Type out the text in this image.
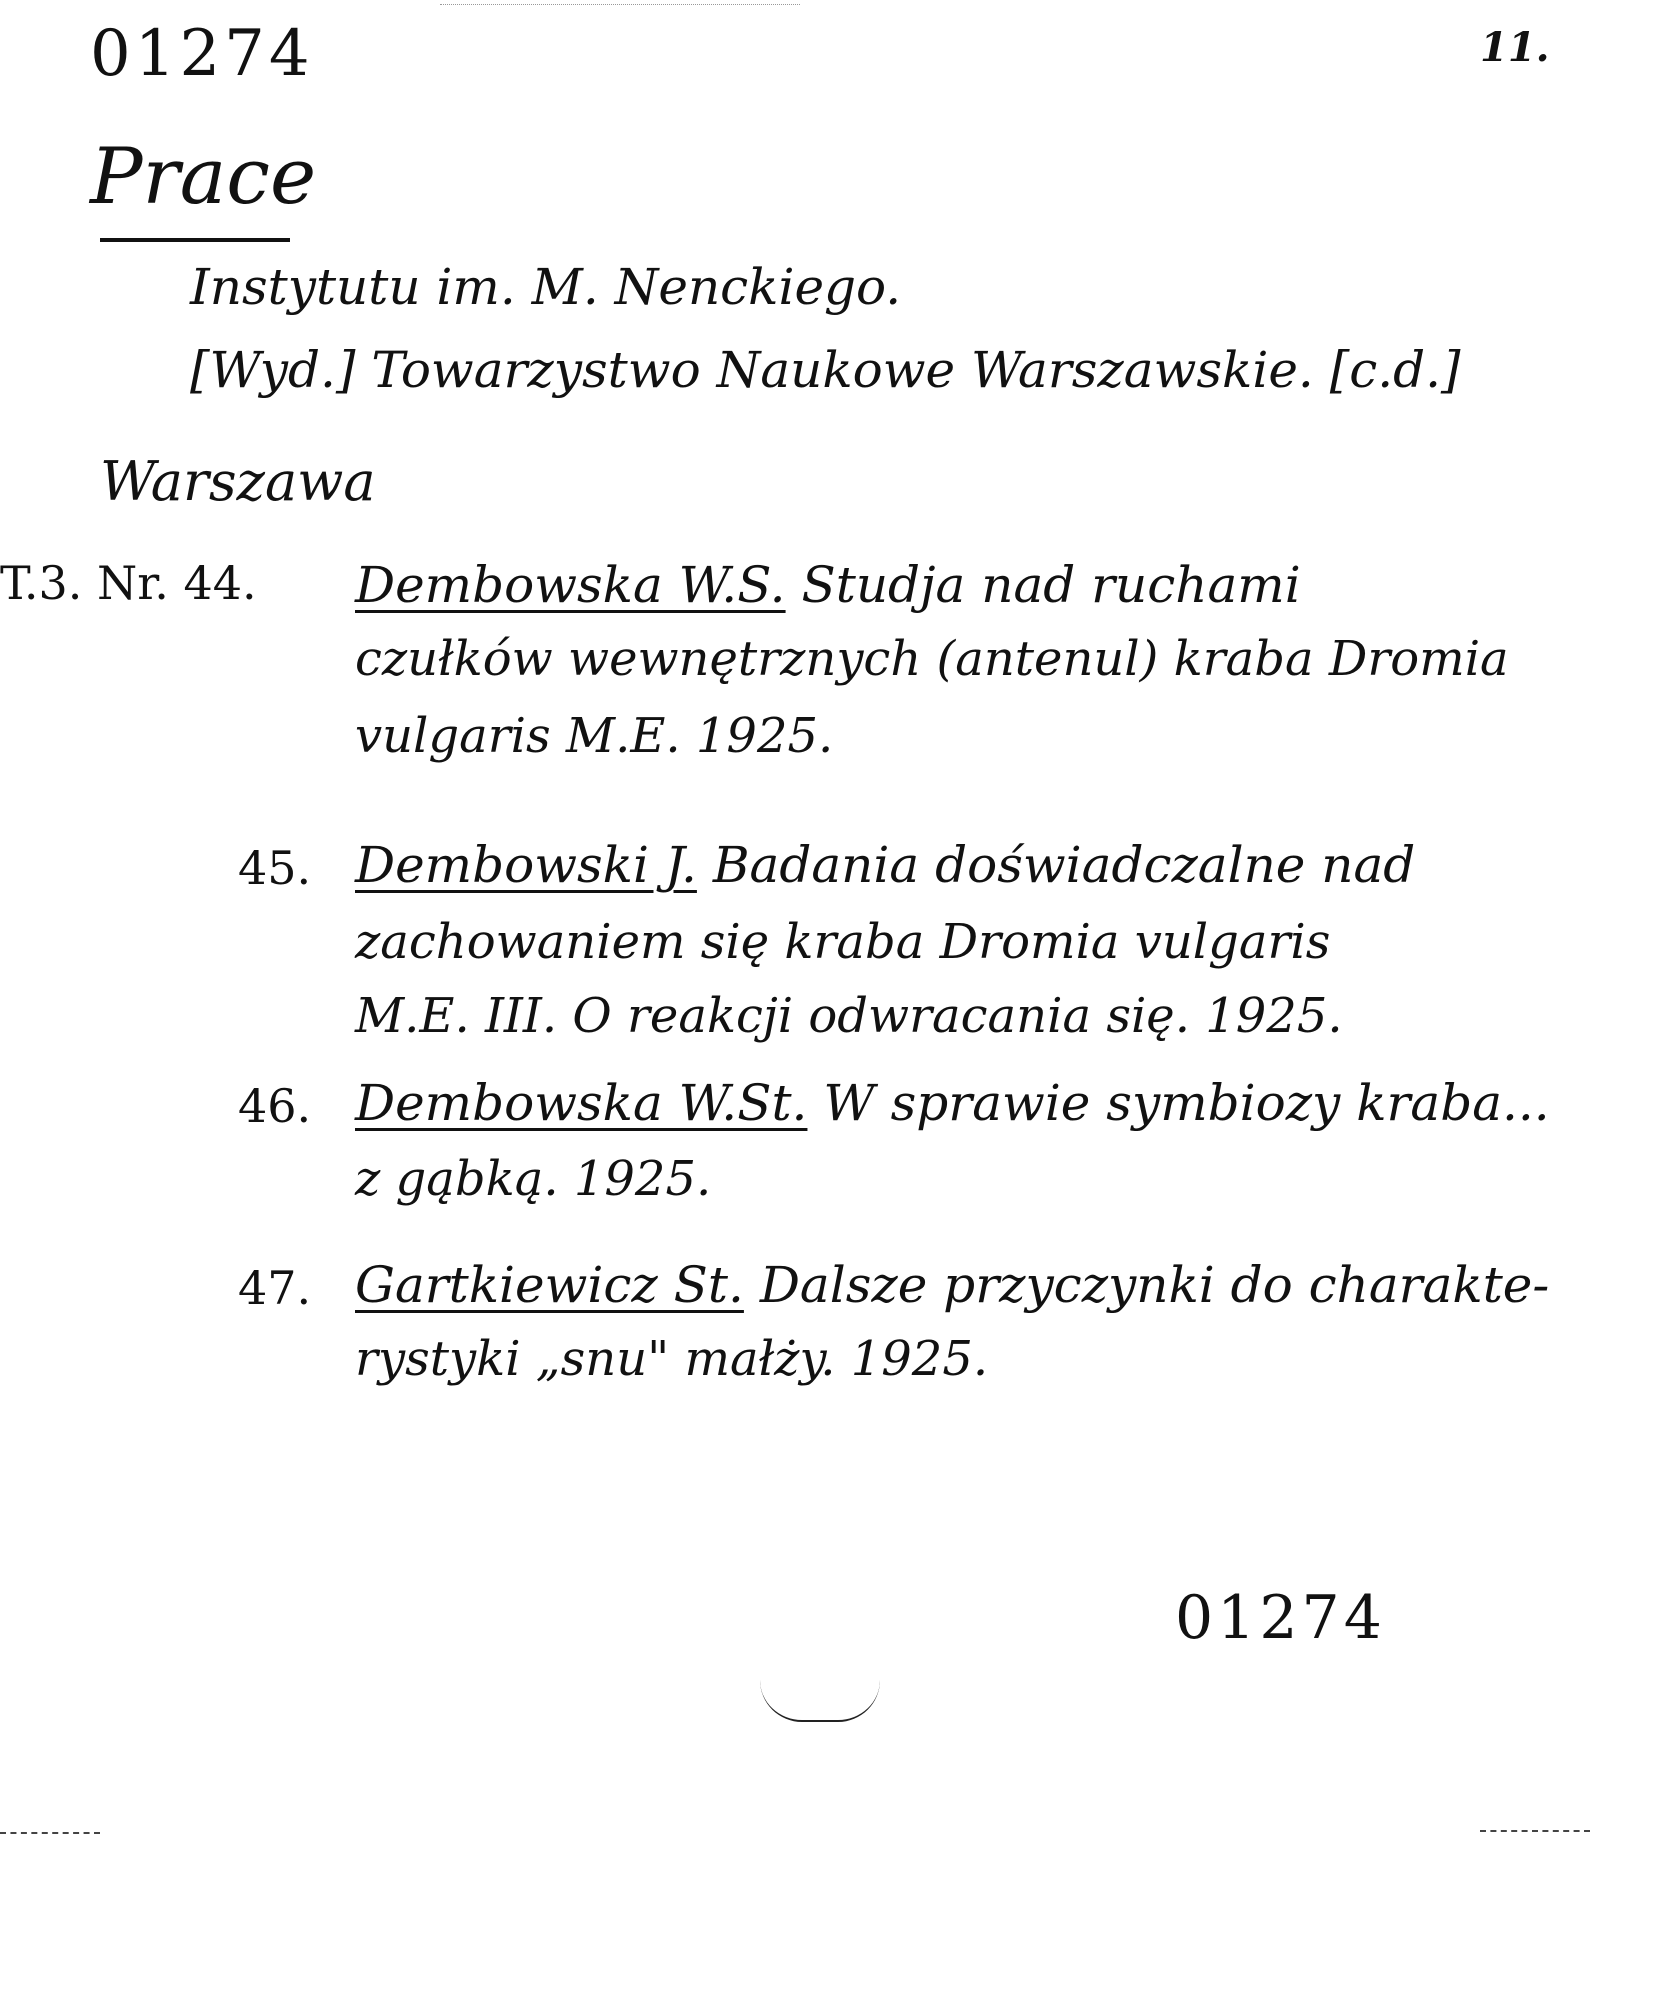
01274	11.
Prace
Instytutu im. M. Nenckiego.
[Wyd.] Towarzystwo Naukowe Warszawskie. [c.d.]
Warszawa
T.3. Nr. 44. Dembowska W.S. Studja nad ruchami
czułków wewnętrznych (antenul) kraba Dromia
vulgaris M.E. 1925.
45. Dembowski J. Badania doświadczalne nad
zachowaniem się kraba Dromia vulgaris
M.E. III. O reakcji odwracania się. 1925.
46. Dembowska W.St. W sprawie symbiozy kraba...
z gąbką. 1925.
47. Gartkiewicz St. Dalsze przyczynki do charakte-
rystyki „snu" małży. 1925.
01274
